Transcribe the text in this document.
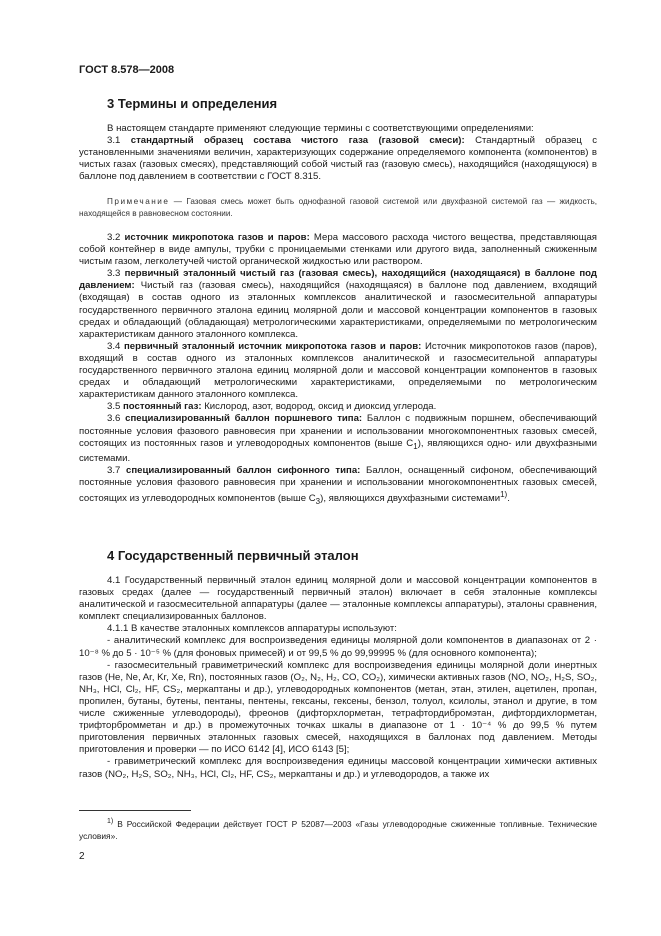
ГОСТ 8.578—2008
3 Термины и определения
В настоящем стандарте применяют следующие термины с соответствующими определениями:
3.1 стандартный образец состава чистого газа (газовой смеси): Стандартный образец с установленными значениями величин, характеризующих содержание определяемого компонента (компонентов) в чистых газах (газовых смесях), представляющий собой чистый газ (газовую смесь), находящийся (находящуюся) в баллоне под давлением в соответствии с ГОСТ 8.315.
Примечание — Газовая смесь может быть однофазной газовой системой или двухфазной системой газ — жидкость, находящейся в равновесном состоянии.
3.2 источник микропотока газов и паров: Мера массового расхода чистого вещества, представляющая собой контейнер в виде ампулы, трубки с проницаемыми стенками или другого вида, заполненный сжиженным чистым газом, легколетучей чистой органической жидкостью или раствором.
3.3 первичный эталонный чистый газ (газовая смесь), находящийся (находящаяся) в баллоне под давлением: Чистый газ (газовая смесь), находящийся (находящаяся) в баллоне под давлением, входящий (входящая) в состав одного из эталонных комплексов аналитической и газосмесительной аппаратуры государственного первичного эталона единиц молярной доли и массовой концентрации компонентов в газовых средах и обладающий (обладающая) метрологическими характеристиками, определяемыми по метрологическим характеристикам данного эталонного комплекса.
3.4 первичный эталонный источник микропотока газов и паров: Источник микропотоков газов (паров), входящий в состав одного из эталонных комплексов аналитической и газосмесительной аппаратуры государственного первичного эталона единиц молярной доли и массовой концентрации компонентов в газовых средах и обладающий метрологическими характеристиками, определяемыми по метрологическим характеристикам данного эталонного комплекса.
3.5 постоянный газ: Кислород, азот, водород, оксид и диоксид углерода.
3.6 специализированный баллон поршневого типа: Баллон с подвижным поршнем, обеспечивающий постоянные условия фазового равновесия при хранении и использовании многокомпонентных газовых смесей, состоящих из постоянных газов и углеводородных компонентов (выше $С_1$), являющихся одно- или двухфазными системами.
3.7 специализированный баллон сифонного типа: Баллон, оснащенный сифоном, обеспечивающий постоянные условия фазового равновесия при хранении и использовании многокомпонентных газовых смесей, состоящих из углеводородных компонентов (выше $С_3$), являющихся двухфазными системами$^{1)}$.
4 Государственный первичный эталон
4.1 Государственный первичный эталон единиц молярной доли и массовой концентрации компонентов в газовых средах (далее — государственный первичный эталон) включает в себя эталонные комплексы аналитической и газосмесительной аппаратуры (далее — эталонные комплексы аппаратуры), эталоны сравнения, комплект специализированных баллонов.
4.1.1 В качестве эталонных комплексов аппаратуры используют:
- аналитический комплекс для воспроизведения единицы молярной доли компонентов в диапазонах от 2 · 10⁻⁸ % до 5 · 10⁻⁵ % (для фоновых примесей) и от 99,5 % до 99,99995 % (для основного компонента);
- газосмесительный гравиметрический комплекс для воспроизведения единицы молярной доли инертных газов (He, Ne, Ar, Kr, Xe, Rn), постоянных газов (O₂, N₂, H₂, CO, CO₂), химически активных газов (NO, NO₂, H₂S, SO₂, NH₃, HCl, Cl₂, HF, CS₂, меркаптаны и др.), углеводородных компонентов (метан, этан, этилен, ацетилен, пропан, пропилен, бутаны, бутены, пентаны, пентены, гексаны, гексены, бензол, толуол, ксилолы, этанол и другие, в том числе сжиженные углеводороды), фреонов (дифторхлорметан, тетрафтордибромэтан, дифтордихлорметан, трифторбромметан и др.) в промежуточных точках шкалы в диапазоне от 1 · 10⁻⁴ % до 99,5 % путем приготовления первичных эталонных газовых смесей, находящихся в баллонах под давлением. Методы приготовления и проверки — по ИСО 6142 [4], ИСО 6143 [5];
- гравиметрический комплекс для воспроизведения единицы массовой концентрации химически активных газов (NO₂, H₂S, SO₂, NH₃, HCl, Cl₂, HF, CS₂, меркаптаны и др.) и углеводородов, а также их
$^{1)}$ В Российской Федерации действует ГОСТ Р 52087—2003 «Газы углеводородные сжиженные топливные. Технические условия».
2
